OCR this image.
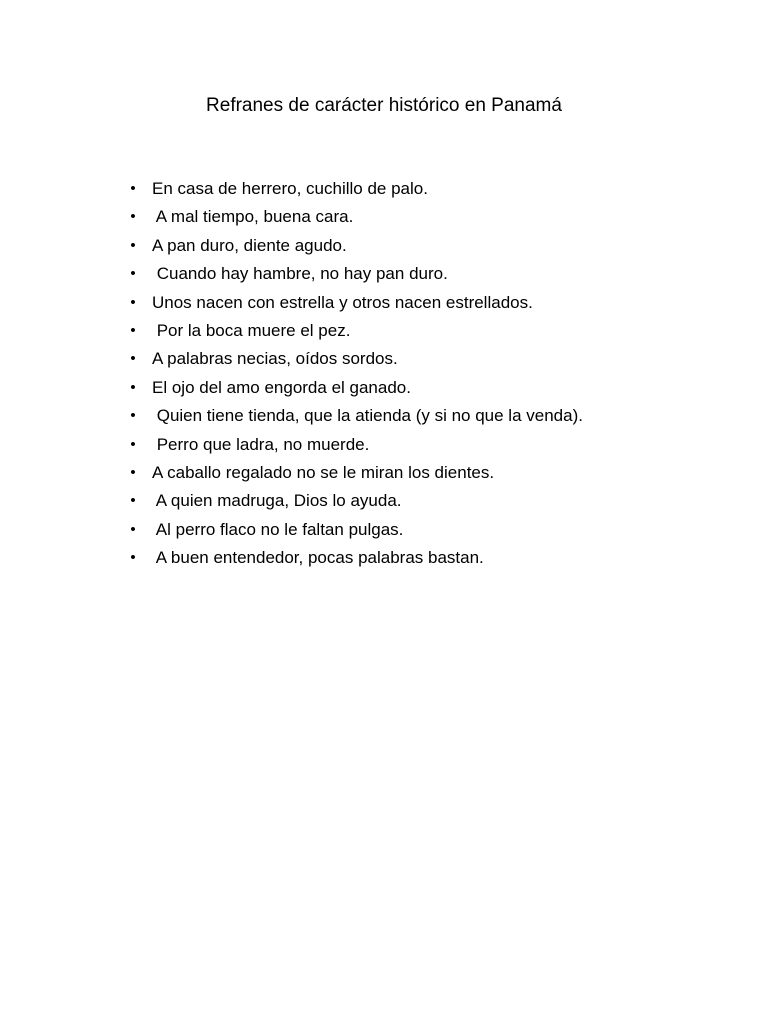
Refranes de carácter histórico en Panamá
• En casa de herrero, cuchillo de palo.
• A mal tiempo, buena cara.
• A pan duro, diente agudo.
• Cuando hay hambre, no hay pan duro.
• Unos nacen con estrella y otros nacen estrellados.
• Por la boca muere el pez.
• A palabras necias, oídos sordos.
• El ojo del amo engorda el ganado.
• Quien tiene tienda, que la atienda (y si no que la venda).
• Perro que ladra, no muerde.
• A caballo regalado no se le miran los dientes.
• A quien madruga, Dios lo ayuda.
• Al perro flaco no le faltan pulgas.
• A buen entendedor, pocas palabras bastan.
